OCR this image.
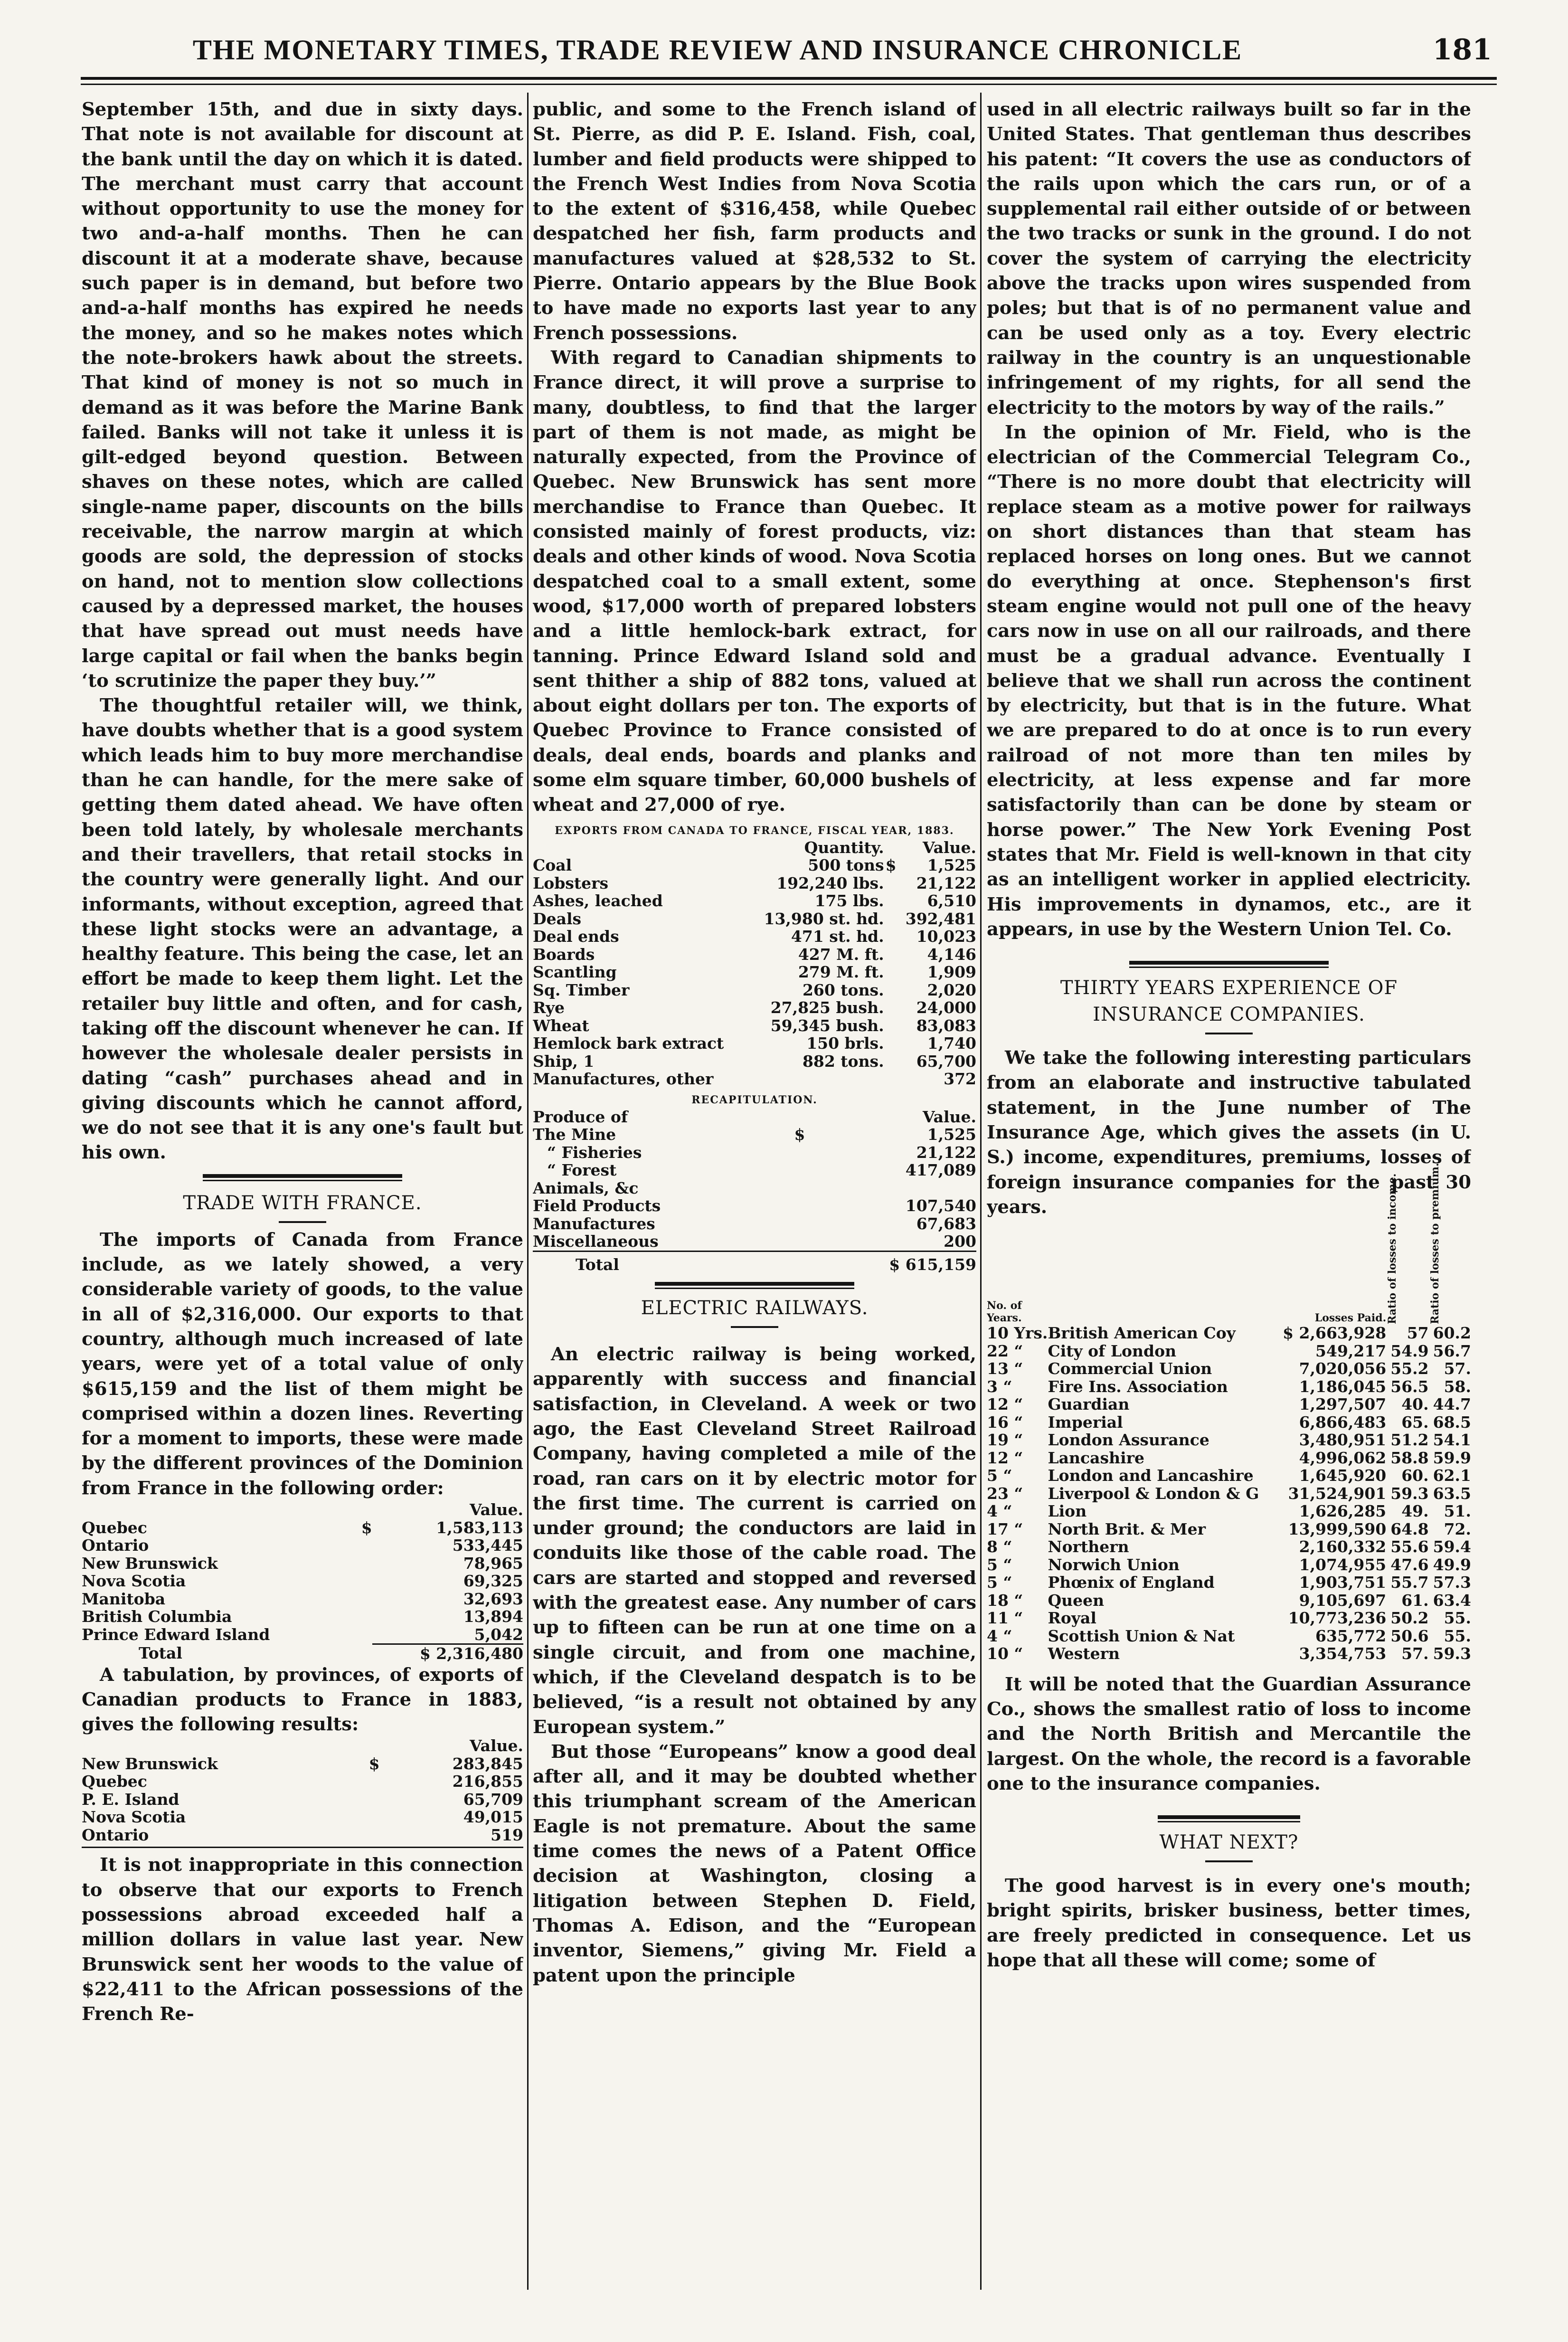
THE MONETARY TIMES, TRADE REVIEW AND INSURANCE CHRONICLE	181

September 15th, and due in sixty days. That note is not available for discount at the bank until the day on which it is dated. The merchant must carry that account without opportunity to use the money for two and-a-half months. Then he can discount it at a moderate shave, because such paper is in demand, but before two and-a-half months has expired he needs the money, and so he makes notes which the note-brokers hawk about the streets. That kind of money is not so much in demand as it was before the Marine Bank failed. Banks will not take it unless it is gilt-edged beyond question. Between shaves on these notes, which are called single-name paper, discounts on the bills receivable, the narrow margin at which goods are sold, the depression of stocks on hand, not to mention slow collections caused by a depressed market, the houses that have spread out must needs have large capital or fail when the banks begin ‘to scrutinize the paper they buy.’”

The thoughtful retailer will, we think, have doubts whether that is a good system which leads him to buy more merchandise than he can handle, for the mere sake of getting them dated ahead. We have often been told lately, by wholesale merchants and their travellers, that retail stocks in the country were generally light. And our informants, without exception, agreed that these light stocks were an advantage, a healthy feature. This being the case, let an effort be made to keep them light. Let the retailer buy little and often, and for cash, taking off the discount whenever he can. If however the wholesale dealer persists in dating “cash” purchases ahead and in giving discounts which he cannot afford, we do not see that it is any one's fault but his own.

TRADE WITH FRANCE.

The imports of Canada from France include, as we lately showed, a very considerable variety of goods, to the value in all of $2,316,000. Our exports to that country, although much increased of late years, were yet of a total value of only $615,159 and the list of them might be comprised within a dozen lines. Reverting for a moment to imports, these were made by the different provinces of the Dominion from France in the following order:

		Value.
Quebec	$	1,583,113
Ontario		533,445
New Brunswick		78,965
Nova Scotia		69,325
Manitoba		32,693
British Columbia		13,894
Prince Edward Island		5,042
Total		$ 2,316,480

A tabulation, by provinces, of exports of Canadian products to France in 1883, gives the following results:

		Value.
New Brunswick	$	283,845
Quebec		216,855
P. E. Island		65,709
Nova Scotia		49,015
Ontario		519

It is not inappropriate in this connection to observe that our exports to French possessions abroad exceeded half a million dollars in value last year. New Brunswick sent her woods to the value of $22,411 to the African possessions of the French Re-

public, and some to the French island of St. Pierre, as did P. E. Island. Fish, coal, lumber and field products were shipped to the French West Indies from Nova Scotia to the extent of $316,458, while Quebec despatched her fish, farm products and manufactures valued at $28,532 to St. Pierre. Ontario appears by the Blue Book to have made no exports last year to any French possessions.

With regard to Canadian shipments to France direct, it will prove a surprise to many, doubtless, to find that the larger part of them is not made, as might be naturally expected, from the Province of Quebec. New Brunswick has sent more merchandise to France than Quebec. It consisted mainly of forest products, viz: deals and other kinds of wood. Nova Scotia despatched coal to a small extent, some wood, $17,000 worth of prepared lobsters and a little hemlock-bark extract, for tanning. Prince Edward Island sold and sent thither a ship of 882 tons, valued at about eight dollars per ton. The exports of Quebec Province to France consisted of deals, deal ends, boards and planks and some elm square timber, 60,000 bushels of wheat and 27,000 of rye.

EXPORTS FROM CANADA TO FRANCE, FISCAL YEAR, 1883.
	Quantity.		Value.
Coal	500 tons	$	1,525
Lobsters	192,240 lbs.		21,122
Ashes, leached	175 lbs.		6,510
Deals	13,980 st. hd.		392,481
Deal ends	471 st. hd.		10,023
Boards	427 M. ft.		4,146
Scantling	279 M. ft.		1,909
Sq. Timber	260 tons.		2,020
Rye	27,825 bush.		24,000
Wheat	59,345 bush.		83,083
Hemlock bark extract	150 brls.		1,740
Ship, 1	882 tons.		65,700
Manufactures, other			372
RECAPITULATION.
Produce of		Value.
The Mine	$	1,525
“ Fisheries		21,122
“ Forest		417,089
Animals, &c		
Field Products		107,540
Manufactures		67,683
Miscellaneous		200

Total		$ 615,159
ELECTRIC RAILWAYS.

An electric railway is being worked, apparently with success and financial satisfaction, in Cleveland. A week or two ago, the East Cleveland Street Railroad Company, having completed a mile of the road, ran cars on it by electric motor for the first time. The current is carried on under ground; the conductors are laid in conduits like those of the cable road. The cars are started and stopped and reversed with the greatest ease. Any number of cars up to fifteen can be run at one time on a single circuit, and from one machine, which, if the Cleveland despatch is to be believed, “is a result not obtained by any European system.”

But those “Europeans” know a good deal after all, and it may be doubted whether this triumphant scream of the American Eagle is not premature. About the same time comes the news of a Patent Office decision at Washington, closing a litigation between Stephen D. Field, Thomas A. Edison, and the “European inventor, Siemens,” giving Mr. Field a patent upon the principle

used in all electric railways built so far in the United States. That gentleman thus describes his patent: “It covers the use as conductors of the rails upon which the cars run, or of a supplemental rail either outside of or between the two tracks or sunk in the ground. I do not cover the system of carrying the electricity above the tracks upon wires suspended from poles; but that is of no permanent value and can be used only as a toy. Every electric railway in the country is an unquestionable infringement of my rights, for all send the electricity to the motors by way of the rails.”

In the opinion of Mr. Field, who is the electrician of the Commercial Telegram Co., “There is no more doubt that electricity will replace steam as a motive power for railways on short distances than that steam has replaced horses on long ones. But we cannot do everything at once. Stephenson's first steam engine would not pull one of the heavy cars now in use on all our railroads, and there must be a gradual advance. Eventually I believe that we shall run across the continent by electricity, but that is in the future. What we are prepared to do at once is to run every railroad of not more than ten miles by electricity, at less expense and far more satisfactorily than can be done by steam or horse power.” The New York Evening Post states that Mr. Field is well-known in that city as an intelligent worker in applied electricity. His improvements in dynamos, etc., are it appears, in use by the Western Union Tel. Co.

THIRTY YEARS EXPERIENCE OF
INSURANCE COMPANIES.

We take the following interesting particulars from an elaborate and instructive tabulated statement, in the June number of The Insurance Age, which gives the assets (in U. S.) income, expenditures, premiums, losses of foreign insurance companies for the past 30 years.

No. of Years.		Losses Paid.	Ratio of losses to income.	Ratio of losses to premium.

10 Yrs.	British American Coy	$ 2,663,928	57	60.2
22 “	City of London	549,217	54.9	56.7
13 “	Commercial Union	7,020,056	55.2	57.
3 “	Fire Ins. Association	1,186,045	56.5	58.
12 “	Guardian	1,297,507	40.	44.7
16 “	Imperial	6,866,483	65.	68.5
19 “	London Assurance	3,480,951	51.2	54.1
12 “	Lancashire	4,996,062	58.8	59.9
5 “	London and Lancashire	1,645,920	60.	62.1
23 “	Liverpool & London & G	31,524,901	59.3	63.5
4 “	Lion	1,626,285	49.	51.
17 “	North Brit. & Mer	13,999,590	64.8	72.
8 “	Northern	2,160,332	55.6	59.4
5 “	Norwich Union	1,074,955	47.6	49.9
5 “	Phœnix of England	1,903,751	55.7	57.3
18 “	Queen	9,105,697	61.	63.4
11 “	Royal	10,773,236	50.2	55.
4 “	Scottish Union & Nat	635,772	50.6	55.
10 “	Western	3,354,753	57.	59.3

It will be noted that the Guardian Assurance Co., shows the smallest ratio of loss to income and the North British and Mercantile the largest. On the whole, the record is a favorable one to the insurance companies.

WHAT NEXT?

The good harvest is in every one's mouth; bright spirits, brisker business, better times, are freely predicted in consequence. Let us hope that all these will come; some of
